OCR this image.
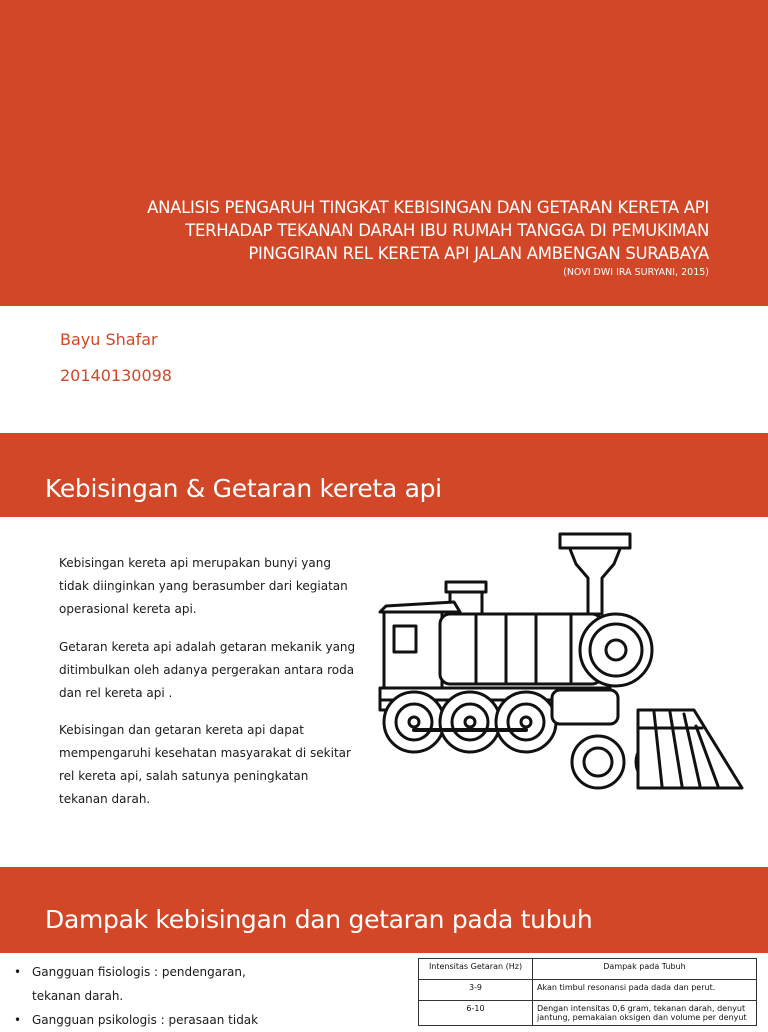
ANALISIS PENGARUH TINGKAT KEBISINGAN DAN GETARAN KERETA API
TERHADAP TEKANAN DARAH IBU RUMAH TANGGA DI PEMUKIMAN
PINGGIRAN REL KERETA API JALAN AMBENGAN SURABAYA
(NOVI DWI IRA SURYANI, 2015)
Bayu Shafar
20140130098
Kebisingan & Getaran kereta api
Kebisingan kereta api merupakan bunyi yang tidak diinginkan yang berasumber dari kegiatan operasional kereta api.
Getaran kereta api adalah getaran mekanik yang ditimbulkan oleh adanya pergerakan antara roda dan rel kereta api .
Kebisingan dan getaran kereta api dapat mempengaruhi kesehatan masyarakat di sekitar rel kereta api, salah satunya peningkatan tekanan darah.
Dampak kebisingan dan getaran pada tubuh
• Gangguan fisiologis : pendengaran,
tekanan darah.
• Gangguan psikologis : perasaan tidak
Intensitas Getaran (Hz)	Dampak pada Tubuh
3-9	Akan timbul resonansi pada dada dan perut.
6-10	Dengan intensitas 0,6 gram, tekanan darah, denyut jantung, pemakaian oksigen dan volume per denyut
